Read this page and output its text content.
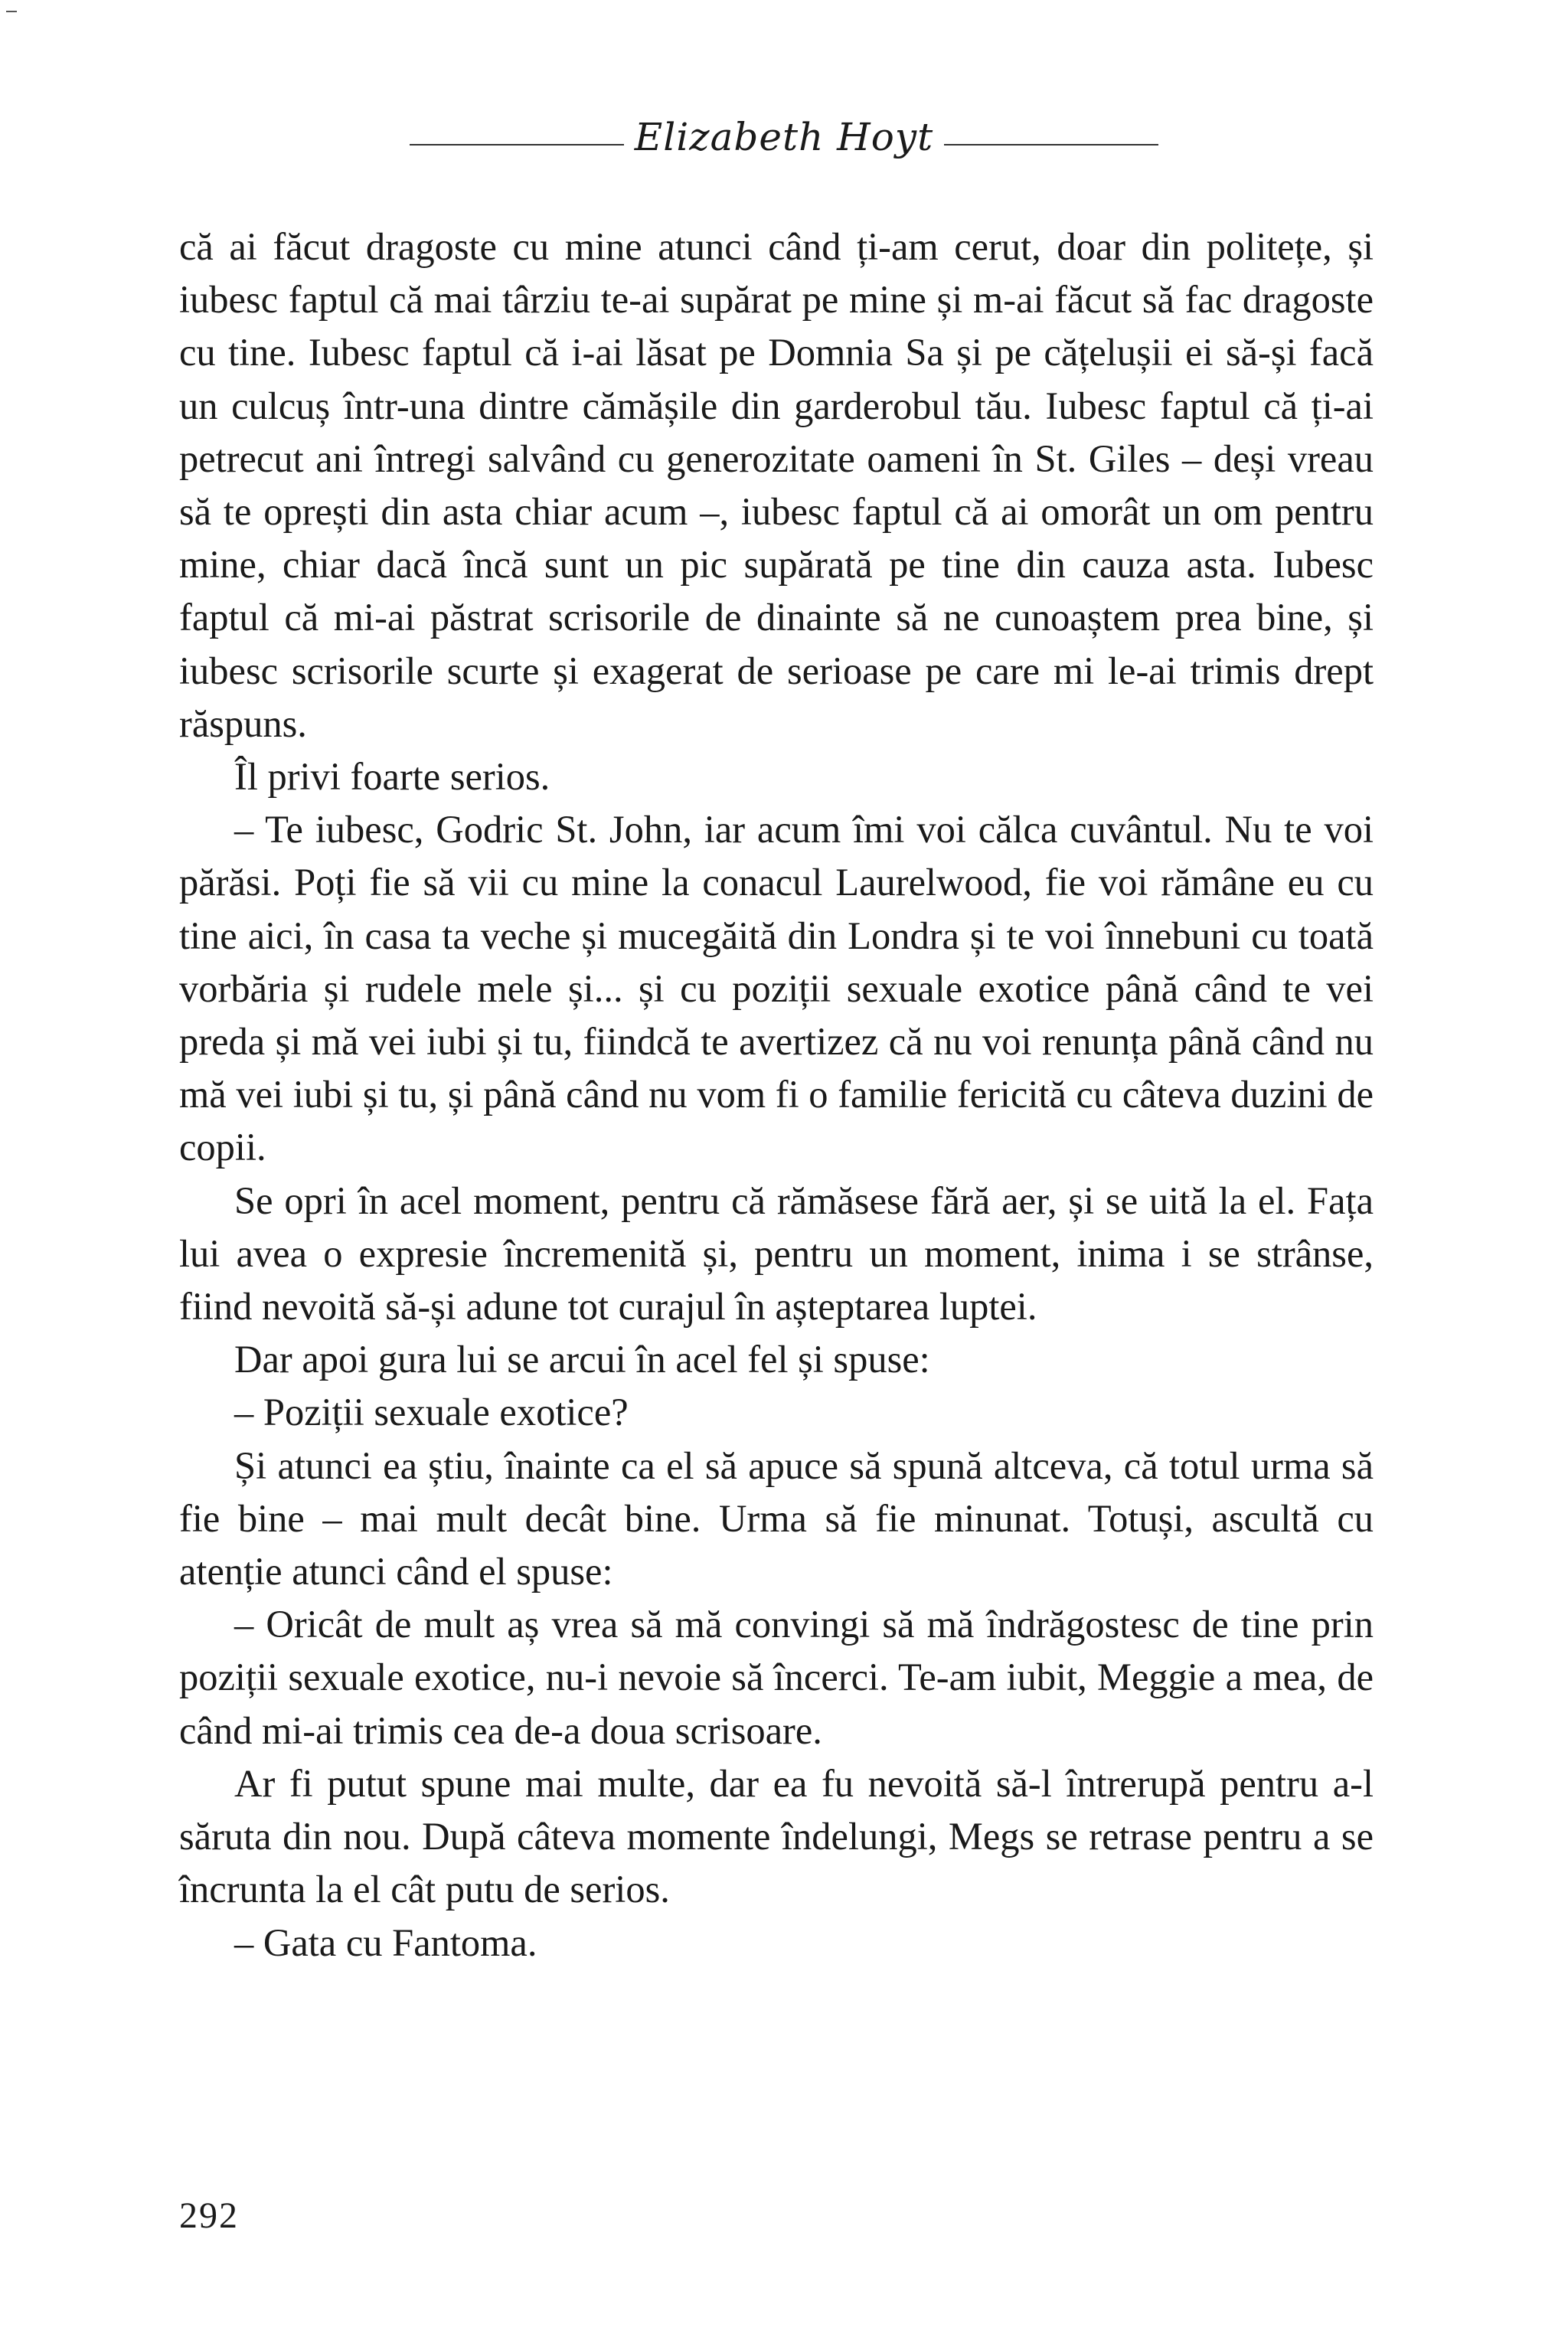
Elizabeth Hoyt

că ai făcut dragoste cu mine atunci când ți-am cerut, doar din politețe, și iubesc faptul că mai târziu te-ai supărat pe mine și m-ai făcut să fac dragoste cu tine. Iubesc faptul că i-ai lăsat pe Domnia Sa și pe cățelușii ei să-și facă un culcuș într-una dintre cămășile din garderobul tău. Iubesc faptul că ți-ai petrecut ani întregi salvând cu generozitate oameni în St. Giles – deși vreau să te oprești din asta chiar acum –, iubesc faptul că ai omorât un om pentru mine, chiar dacă încă sunt un pic supărată pe tine din cauza asta. Iubesc faptul că mi-ai păstrat scrisorile de dinainte să ne cunoaștem prea bine, și iubesc scrisorile scurte și exagerat de serioase pe care mi le-ai trimis drept răspuns.

Îl privi foarte serios.

– Te iubesc, Godric St. John, iar acum îmi voi călca cuvântul. Nu te voi părăsi. Poți fie să vii cu mine la conacul Laurelwood, fie voi rămâne eu cu tine aici, în casa ta veche și mucegăită din Londra și te voi înnebuni cu toată vorbăria și rudele mele și... și cu poziții sexuale exotice până când te vei preda și mă vei iubi și tu, fiindcă te avertizez că nu voi renunța până când nu mă vei iubi și tu, și până când nu vom fi o familie fericită cu câteva duzini de copii.

Se opri în acel moment, pentru că rămăsese fără aer, și se uită la el. Fața lui avea o expresie încremenită și, pentru un moment, inima i se strânse, fiind nevoită să-și adune tot curajul în așteptarea luptei.

Dar apoi gura lui se arcui în acel fel și spuse:

– Poziții sexuale exotice?

Și atunci ea știu, înainte ca el să apuce să spună altceva, că totul urma să fie bine – mai mult decât bine. Urma să fie minunat. Totuși, ascultă cu atenție atunci când el spuse:

– Oricât de mult aș vrea să mă convingi să mă îndrăgostesc de tine prin poziții sexuale exotice, nu-i nevoie să încerci. Te-am iubit, Meggie a mea, de când mi-ai trimis cea de-a doua scrisoare.

Ar fi putut spune mai multe, dar ea fu nevoită să-l întrerupă pentru a-l săruta din nou. După câteva momente îndelungi, Megs se retrase pentru a se încrunta la el cât putu de serios.

– Gata cu Fantoma.

292
